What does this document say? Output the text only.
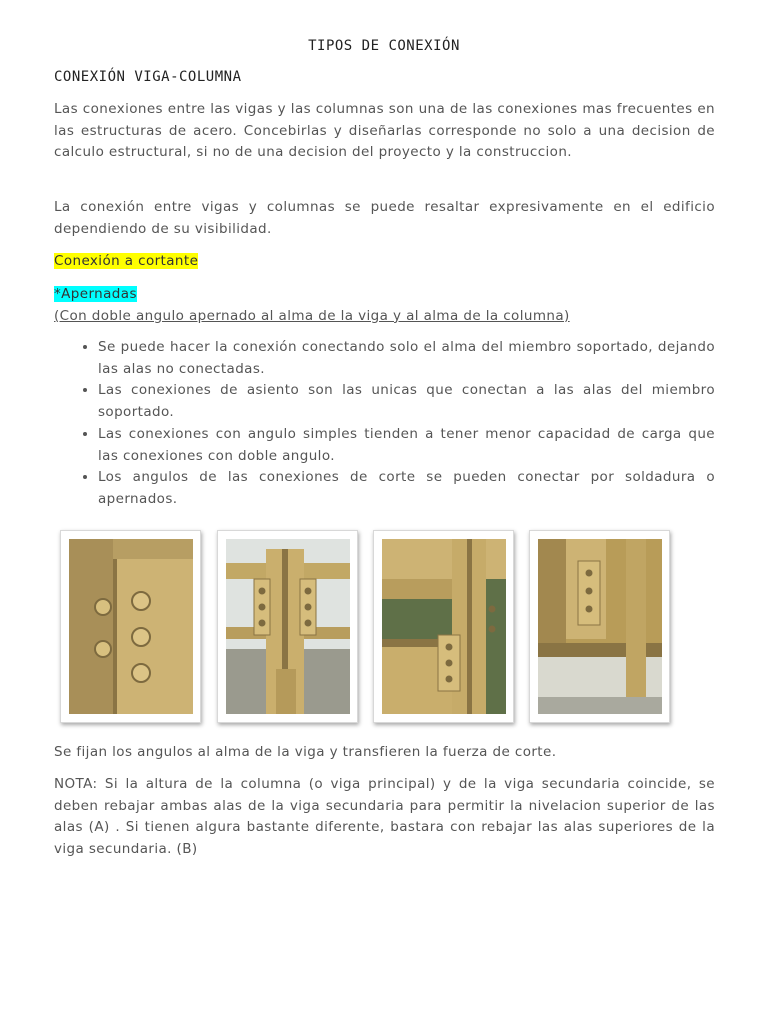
TIPOS DE CONEXIÓN
CONEXIÓN VIGA-COLUMNA
Las conexiones entre las vigas y las columnas son una de las conexiones mas frecuentes en las estructuras de acero. Concebirlas y diseñarlas corresponde no solo a una decision de calculo estructural, si no de una decision del proyecto y la construccion.
La conexión entre vigas y columnas se puede resaltar expresivamente en el edificio dependiendo de su visibilidad.
Conexión a cortante
*Apernadas
(Con doble angulo apernado al alma de la viga y al alma de la columna)
• Se puede hacer la conexión conectando solo el alma del miembro soportado, dejando las alas no conectadas.
• Las conexiones de asiento son las unicas que conectan a las alas del miembro soportado.
• Las conexiones con angulo simples tienden a tener menor capacidad de carga que las conexiones con doble angulo.
• Los angulos de las conexiones de corte se pueden conectar por soldadura o apernados.
Se fijan los angulos al alma de la viga y transfieren la fuerza de corte.
NOTA: Si la altura de la columna (o viga principal) y de la viga secundaria coincide, se deben rebajar ambas alas de la viga secundaria para permitir la nivelacion superior de las alas (A) . Si tienen algura bastante diferente, bastara con rebajar las alas superiores de la viga secundaria. (B)
